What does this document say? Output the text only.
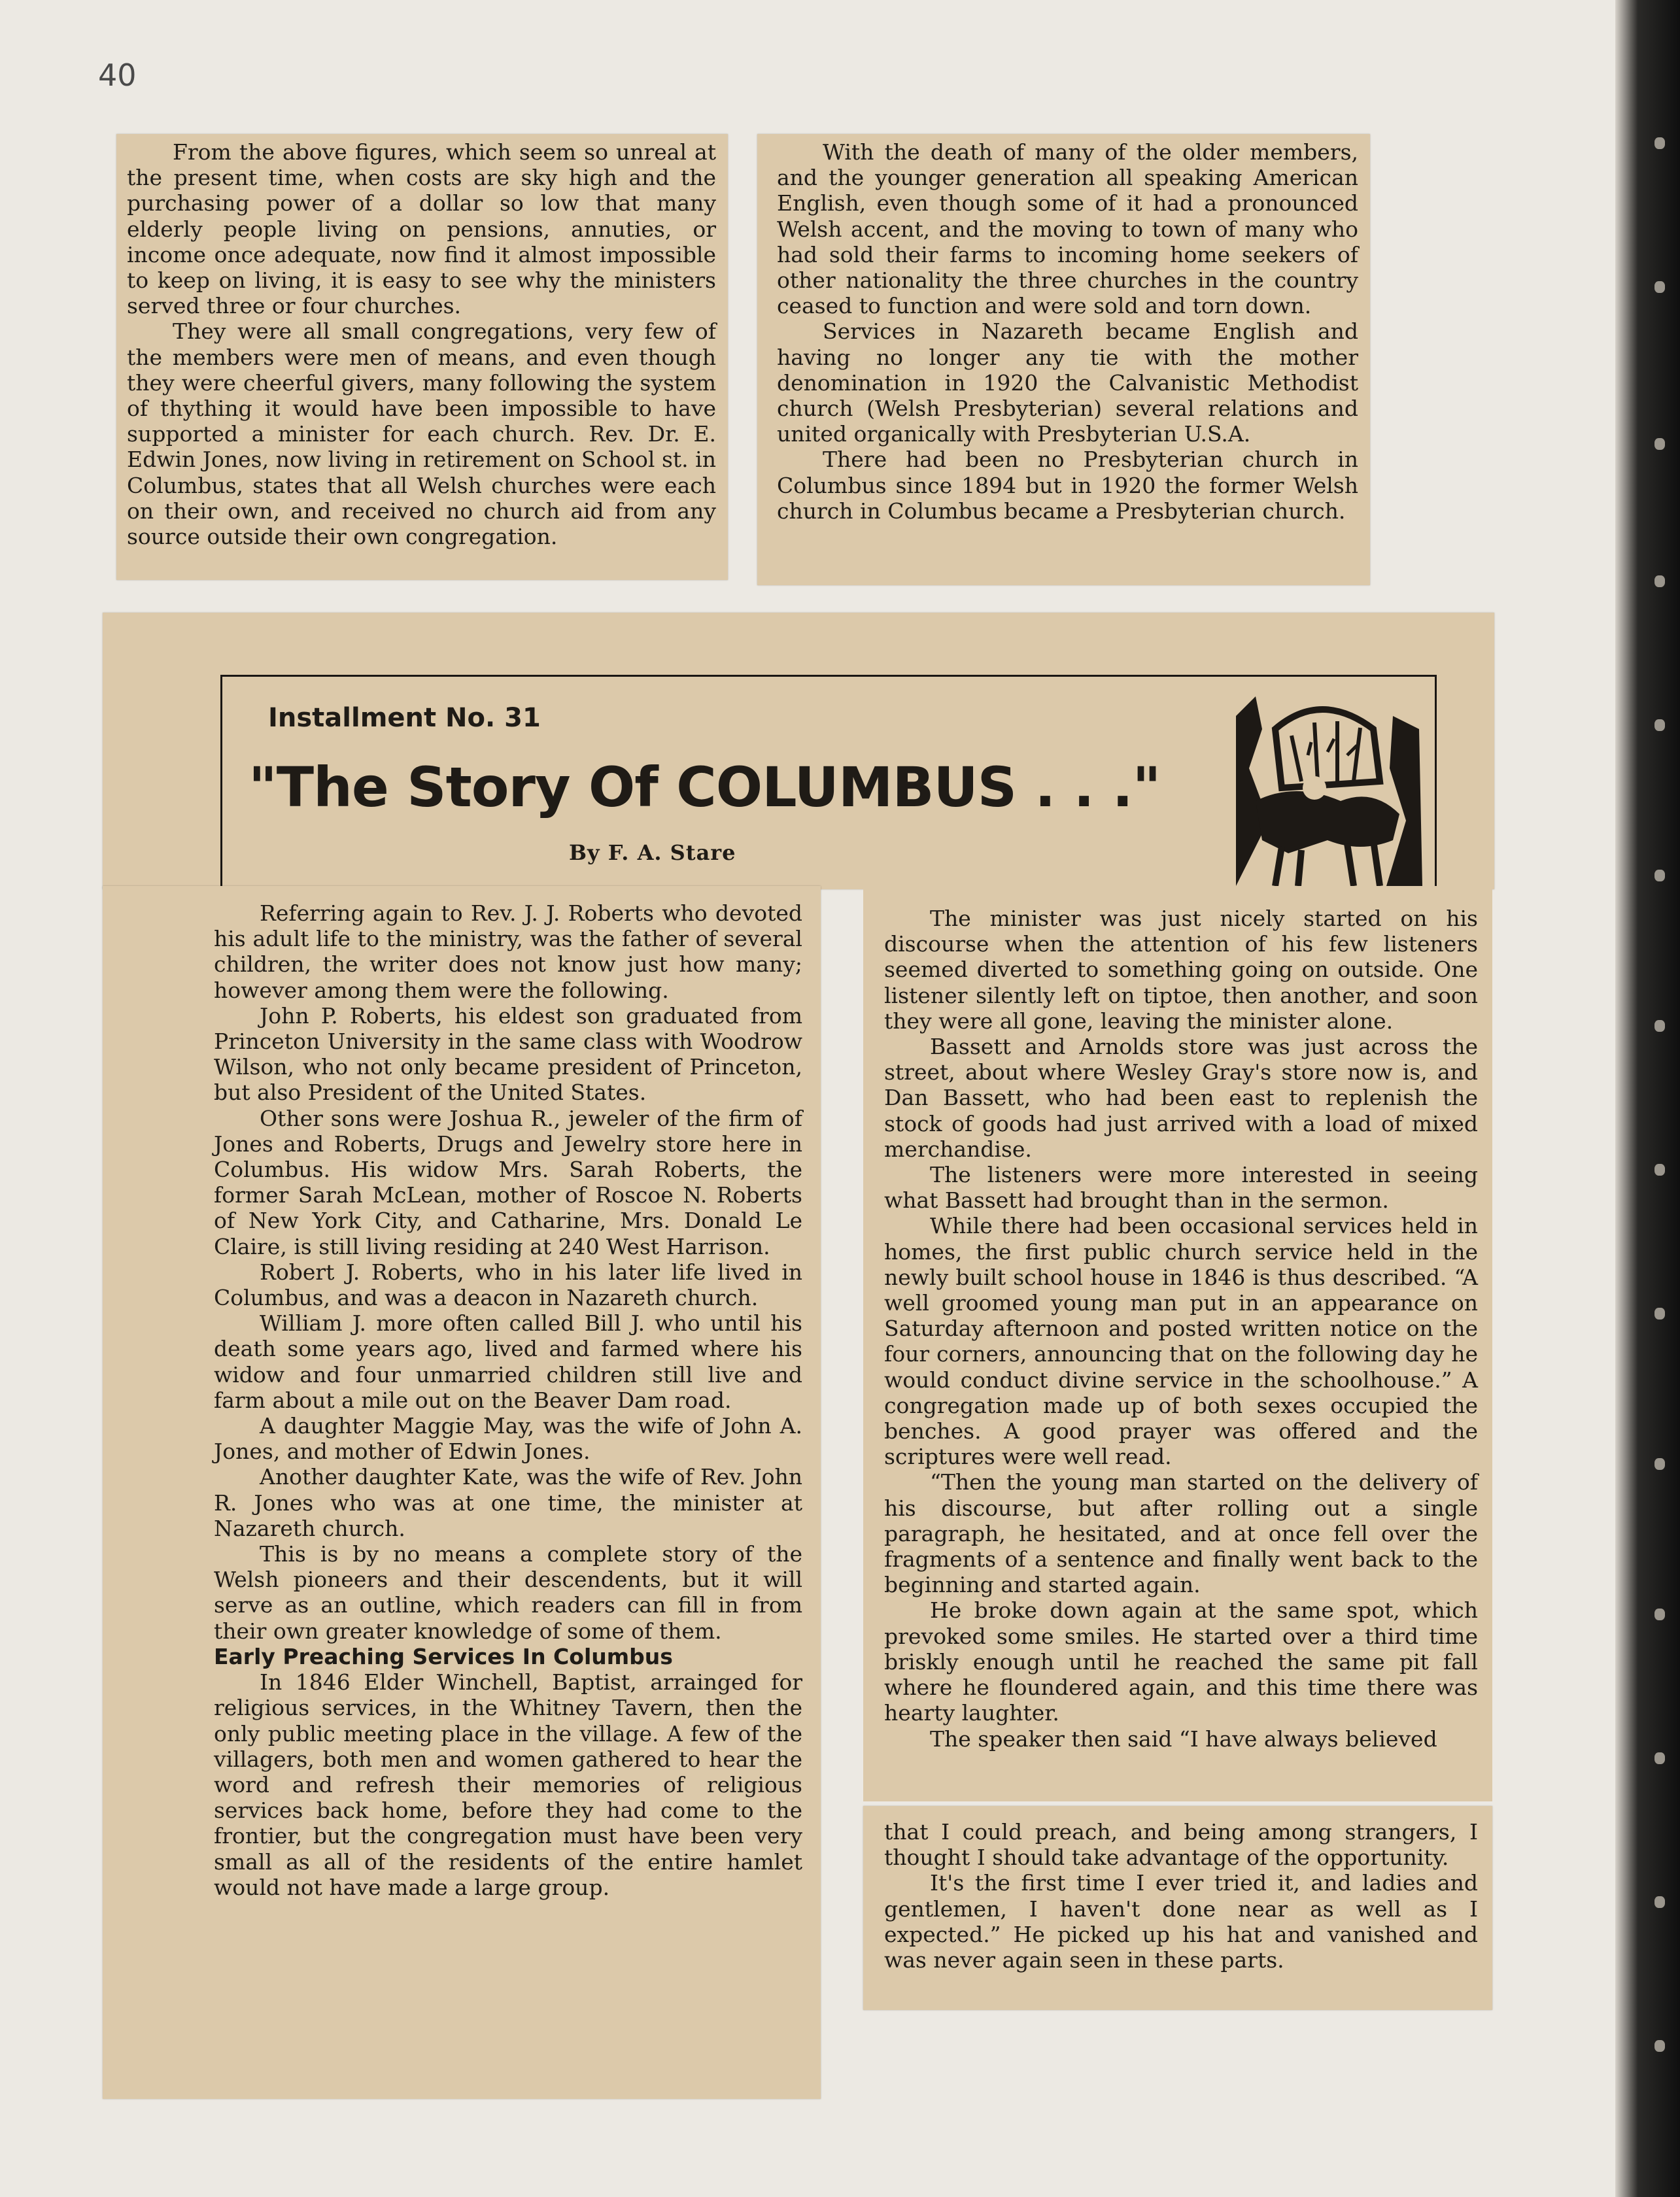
40

From the above figures, which seem so unreal at the present time, when costs are sky high and the purchasing power of a dollar so low that many elderly people living on pensions, annuties, or income once adequate, now find it almost impossible to keep on living, it is easy to see why the ministers served three or four churches.

They were all small congregations, very few of the members were men of means, and even though they were cheerful givers, many following the system of thything it would have been impossible to have supported a minister for each church. Rev. Dr. E. Edwin Jones, now living in retirement on School st. in Columbus, states that all Welsh churches were each on their own, and received no church aid from any source outside their own congregation.

With the death of many of the older members, and the younger generation all speaking American English, even though some of it had a pronounced Welsh accent, and the moving to town of many who had sold their farms to incoming home seekers of other nationality the three churches in the country ceased to function and were sold and torn down.

Services in Nazareth became English and having no longer any tie with the mother denomination in 1920 the Calvanistic Methodist church (Welsh Presbyterian) several relations and united organically with Presbyterian U.S.A.

There had been no Presbyterian church in Columbus since 1894 but in 1920 the former Welsh church in Columbus became a Presbyterian church.

Installment No. 31
"The Story Of COLUMBUS . . ."
By F. A. Stare

Referring again to Rev. J. J. Roberts who devoted his adult life to the ministry, was the father of several children, the writer does not know just how many; however among them were the following.

John P. Roberts, his eldest son graduated from Princeton University in the same class with Woodrow Wilson, who not only became president of Princeton, but also President of the United States.

Other sons were Joshua R., jeweler of the firm of Jones and Roberts, Drugs and Jewelry store here in Columbus. His widow Mrs. Sarah Roberts, the former Sarah McLean, mother of Roscoe N. Roberts of New York City, and Catharine, Mrs. Donald Le Claire, is still living residing at 240 West Harrison.

Robert J. Roberts, who in his later life lived in Columbus, and was a deacon in Nazareth church.

William J. more often called Bill J. who until his death some years ago, lived and farmed where his widow and four unmarried children still live and farm about a mile out on the Beaver Dam road.

A daughter Maggie May, was the wife of John A. Jones, and mother of Edwin Jones.

Another daughter Kate, was the wife of Rev. John R. Jones who was at one time, the minister at Nazareth church.

This is by no means a complete story of the Welsh pioneers and their descendents, but it will serve as an outline, which readers can fill in from their own greater knowledge of some of them.

Early Preaching Services In Columbus

In 1846 Elder Winchell, Baptist, arrainged for religious services, in the Whitney Tavern, then the only public meeting place in the village. A few of the villagers, both men and women gathered to hear the word and refresh their memories of religious services back home, before they had come to the frontier, but the congregation must have been very small as all of the residents of the entire hamlet would not have made a large group.

The minister was just nicely started on his discourse when the attention of his few listeners seemed diverted to something going on outside. One listener silently left on tiptoe, then another, and soon they were all gone, leaving the minister alone.

Bassett and Arnolds store was just across the street, about where Wesley Gray's store now is, and Dan Bassett, who had been east to replenish the stock of goods had just arrived with a load of mixed merchandise.

The listeners were more interested in seeing what Bassett had brought than in the sermon.

While there had been occasional services held in homes, the first public church service held in the newly built school house in 1846 is thus described. “A well groomed young man put in an appearance on Saturday afternoon and posted written notice on the four corners, announcing that on the following day he would conduct divine service in the schoolhouse.” A congregation made up of both sexes occupied the benches. A good prayer was offered and the scriptures were well read.

“Then the young man started on the delivery of his discourse, but after rolling out a single paragraph, he hesitated, and at once fell over the fragments of a sentence and finally went back to the beginning and started again.

He broke down again at the same spot, which prevoked some smiles. He started over a third time briskly enough until he reached the same pit fall where he floundered again, and this time there was hearty laughter.

The speaker then said “I have always believed

that I could preach, and being among strangers, I thought I should take advantage of the opportunity.

It's the first time I ever tried it, and ladies and gentlemen, I haven't done near as well as I expected.” He picked up his hat and vanished and was never again seen in these parts.
